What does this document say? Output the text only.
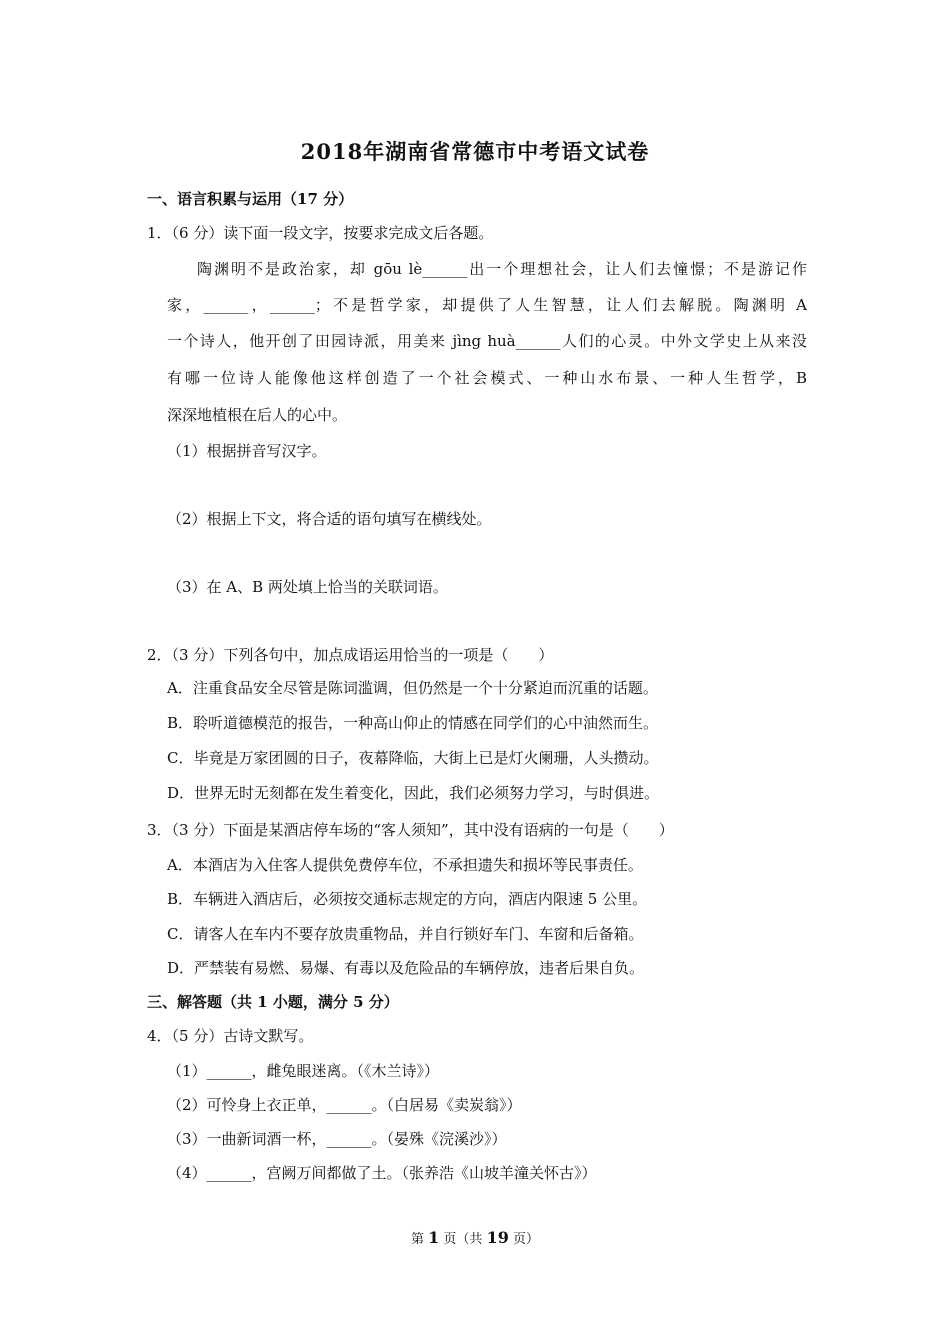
2018年湖南省常德市中考语文试卷
一、语言积累与运用（17 分）
1．（6 分）读下面一段文字，按要求完成文后各题。
陶渊明不是政治家，却 gōu lè______出一个理想社会，让人们去憧憬；不是游记作
家，______，______；不是哲学家，却提供了人生智慧，让人们去解脱。陶渊明 A
一个诗人，他开创了田园诗派，用美来 jìng huà______人们的心灵。中外文学史上从来没
有哪一位诗人能像他这样创造了一个社会模式、一种山水布景、一种人生哲学，B
深深地植根在后人的心中。
（1）根据拼音写汉字。
（2）根据上下文，将合适的语句填写在横线处。
（3）在 A、B 两处填上恰当的关联词语。
2．（3 分）下列各句中，加点成语运用恰当的一项是（　　）
A．注重食品安全尽管是陈词滥调，但仍然是一个十分紧迫而沉重的话题。
B．聆听道德模范的报告，一种高山仰止的情感在同学们的心中油然而生。
C．毕竟是万家团圆的日子，夜幕降临，大街上已是灯火阑珊，人头攒动。
D．世界无时无刻都在发生着变化，因此，我们必须努力学习，与时俱进。
3．（3 分）下面是某酒店停车场的“客人须知”，其中没有语病的一句是（　　）
A．本酒店为入住客人提供免费停车位，不承担遗失和损坏等民事责任。
B．车辆进入酒店后，必须按交通标志规定的方向，酒店内限速 5 公里。
C．请客人在车内不要存放贵重物品，并自行锁好车门、车窗和后备箱。
D．严禁装有易燃、易爆、有毒以及危险品的车辆停放，违者后果自负。
三、解答题（共 1 小题，满分 5 分）
4．（5 分）古诗文默写。
（1）______，雌兔眼迷离。（《木兰诗》）
（2）可怜身上衣正单，______。（白居易《卖炭翁》）
（3）一曲新词酒一杯，______。（晏殊《浣溪沙》）
（4）______，宫阙万间都做了土。（张养浩《山坡羊潼关怀古》）
第 1 页（共 19 页）
